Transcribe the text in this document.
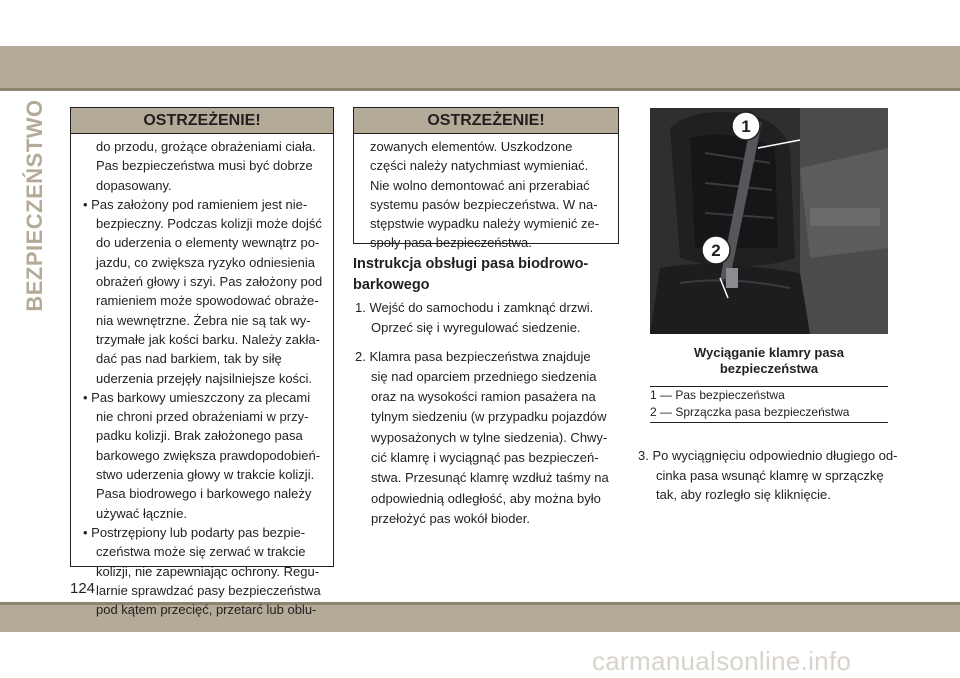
BEZPIECZEŃSTWO	OSTRZEŻENIE!
do przodu, grożące obrażeniami ciała.
Pas bezpieczeństwa musi być dobrze
dopasowany.
• Pas założony pod ramieniem jest nie-
bezpieczny. Podczas kolizji może dojść
do uderzenia o elementy wewnątrz po-
jazdu, co zwiększa ryzyko odniesienia
obrażeń głowy i szyi. Pas założony pod
ramieniem może spowodować obraże-
nia wewnętrzne. Żebra nie są tak wy-
trzymałe jak kości barku. Należy zakła-
dać pas nad barkiem, tak by siłę
uderzenia przejęły najsilniejsze kości.
• Pas barkowy umieszczony za plecami
nie chroni przed obrażeniami w przy-
padku kolizji. Brak założonego pasa
barkowego zwiększa prawdopodobień-
stwo uderzenia głowy w trakcie kolizji.
Pasa biodrowego i barkowego należy
używać łącznie.
• Postrzępiony lub podarty pas bezpie-
czeństwa może się zerwać w trakcie
kolizji, nie zapewniając ochrony. Regu-
larnie sprawdzać pasy bezpieczeństwa
pod kątem przecięć, przetarć lub oblu-
OSTRZEŻENIE!
zowanych elementów. Uszkodzone
części należy natychmiast wymieniać.
Nie wolno demontować ani przerabiać
systemu pasów bezpieczeństwa. W na-
stępstwie wypadku należy wymienić ze-
społy pasa bezpieczeństwa.
Instrukcja obsługi pasa biodrowo-
barkowego
1. Wejść do samochodu i zamknąć drzwi.
Oprzeć się i wyregulować siedzenie.
2. Klamra pasa bezpieczeństwa znajduje
się nad oparciem przedniego siedzenia
oraz na wysokości ramion pasażera na
tylnym siedzeniu (w przypadku pojazdów
wyposażonych w tylne siedzenia). Chwy-
cić klamrę i wyciągnąć pas bezpieczeń-
stwa. Przesunąć klamrę wzdłuż taśmy na
odpowiednią odległość, aby można było
przełożyć pas wokół bioder.
1
2
Wyciąganie klamry pasa
bezpieczeństwa
1 — Pas bezpieczeństwa
2 — Sprzączka pasa bezpieczeństwa
3. Po wyciągnięciu odpowiednio długiego od-
cinka pasa wsunąć klamrę w sprzączkę
tak, aby rozległo się kliknięcie.
124
carmanualsonline.info
